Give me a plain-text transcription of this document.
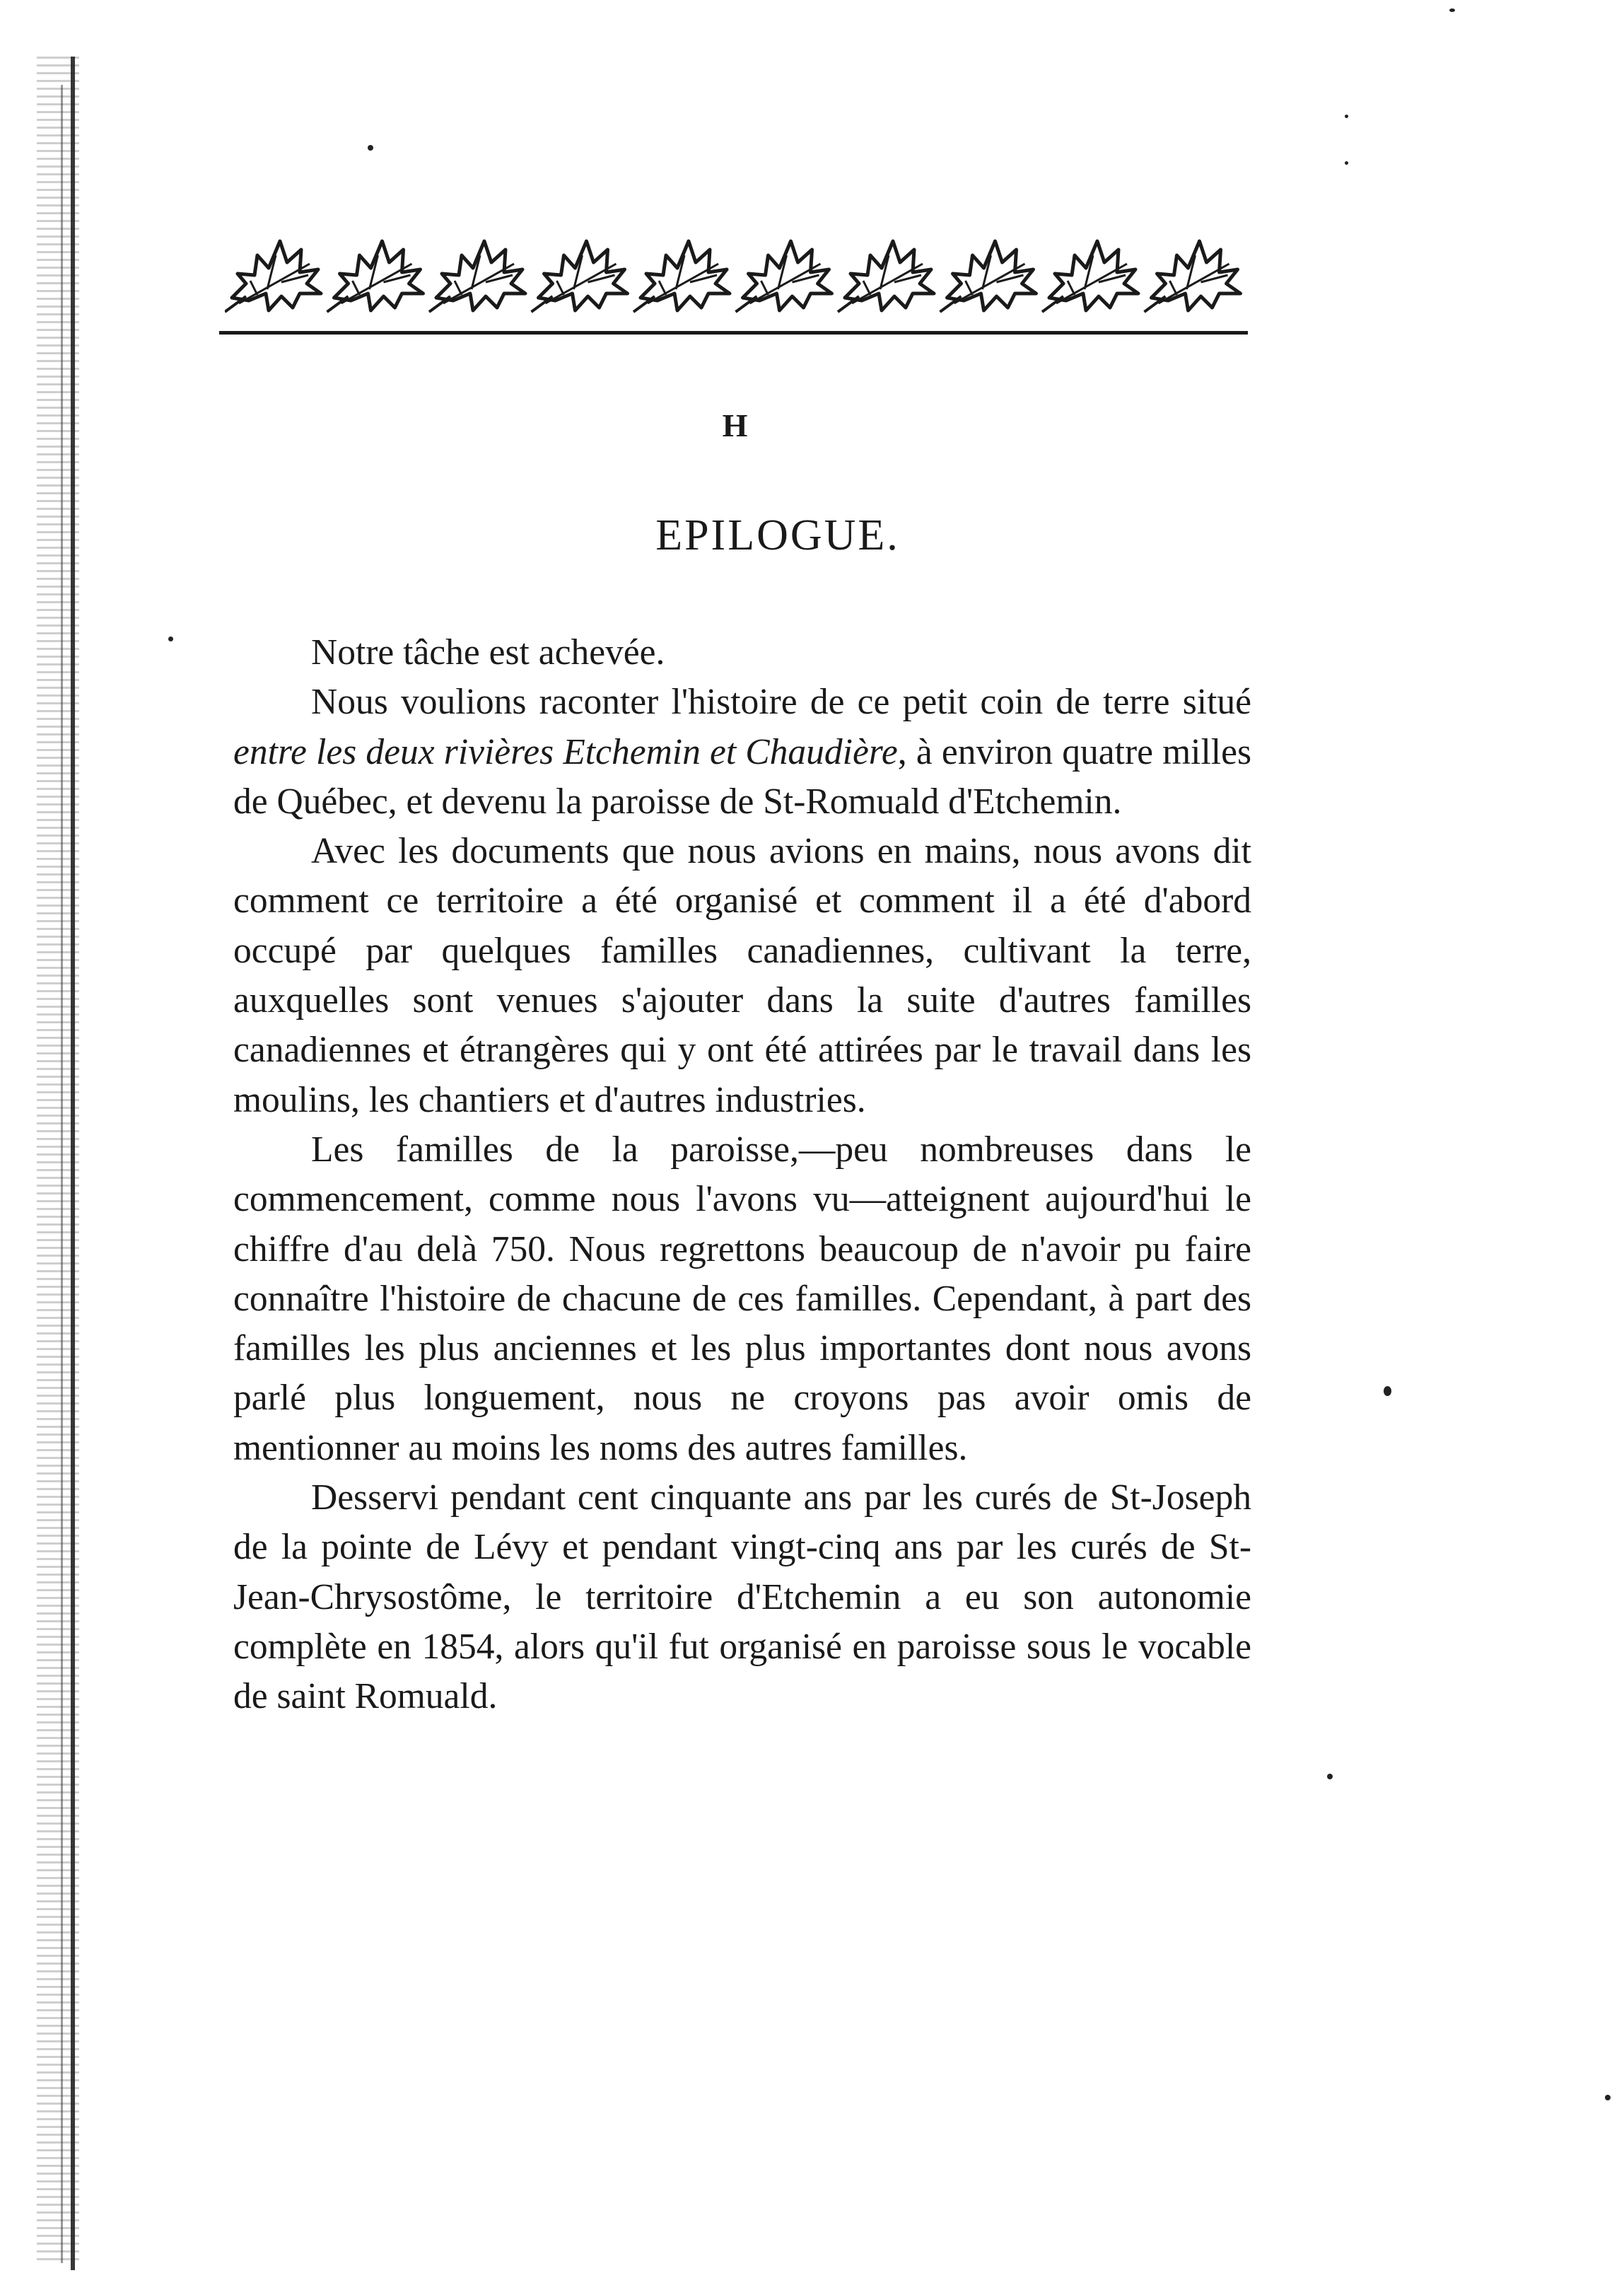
H
EPILOGUE.

Notre tâche est achevée.

Nous voulions raconter l'histoire de ce petit coin de terre situé entre les deux rivières Etchemin et Chaudière, à environ quatre milles de Québec, et devenu la paroisse de St-Romuald d'Etchemin.

Avec les documents que nous avions en mains, nous avons dit comment ce territoire a été organisé et comment il a été d'abord occupé par quelques familles canadiennes, cultivant la terre, auxquelles sont venues s'ajouter dans la suite d'autres familles canadiennes et étrangères qui y ont été attirées par le travail dans les moulins, les chantiers et d'autres industries.

Les familles de la paroisse,—peu nombreuses dans le commencement, comme nous l'avons vu—atteignent aujourd'hui le chiffre d'au delà 750. Nous regrettons beaucoup de n'avoir pu faire connaître l'histoire de chacune de ces familles. Cependant, à part des familles les plus anciennes et les plus importantes dont nous avons parlé plus longuement, nous ne croyons pas avoir omis de mentionner au moins les noms des autres familles.

Desservi pendant cent cinquante ans par les curés de St-Joseph de la pointe de Lévy et pendant vingt-cinq ans par les curés de St-Jean-Chrysostôme, le territoire d'Etchemin a eu son autonomie complète en 1854, alors qu'il fut organisé en paroisse sous le vocable de saint Romuald.
